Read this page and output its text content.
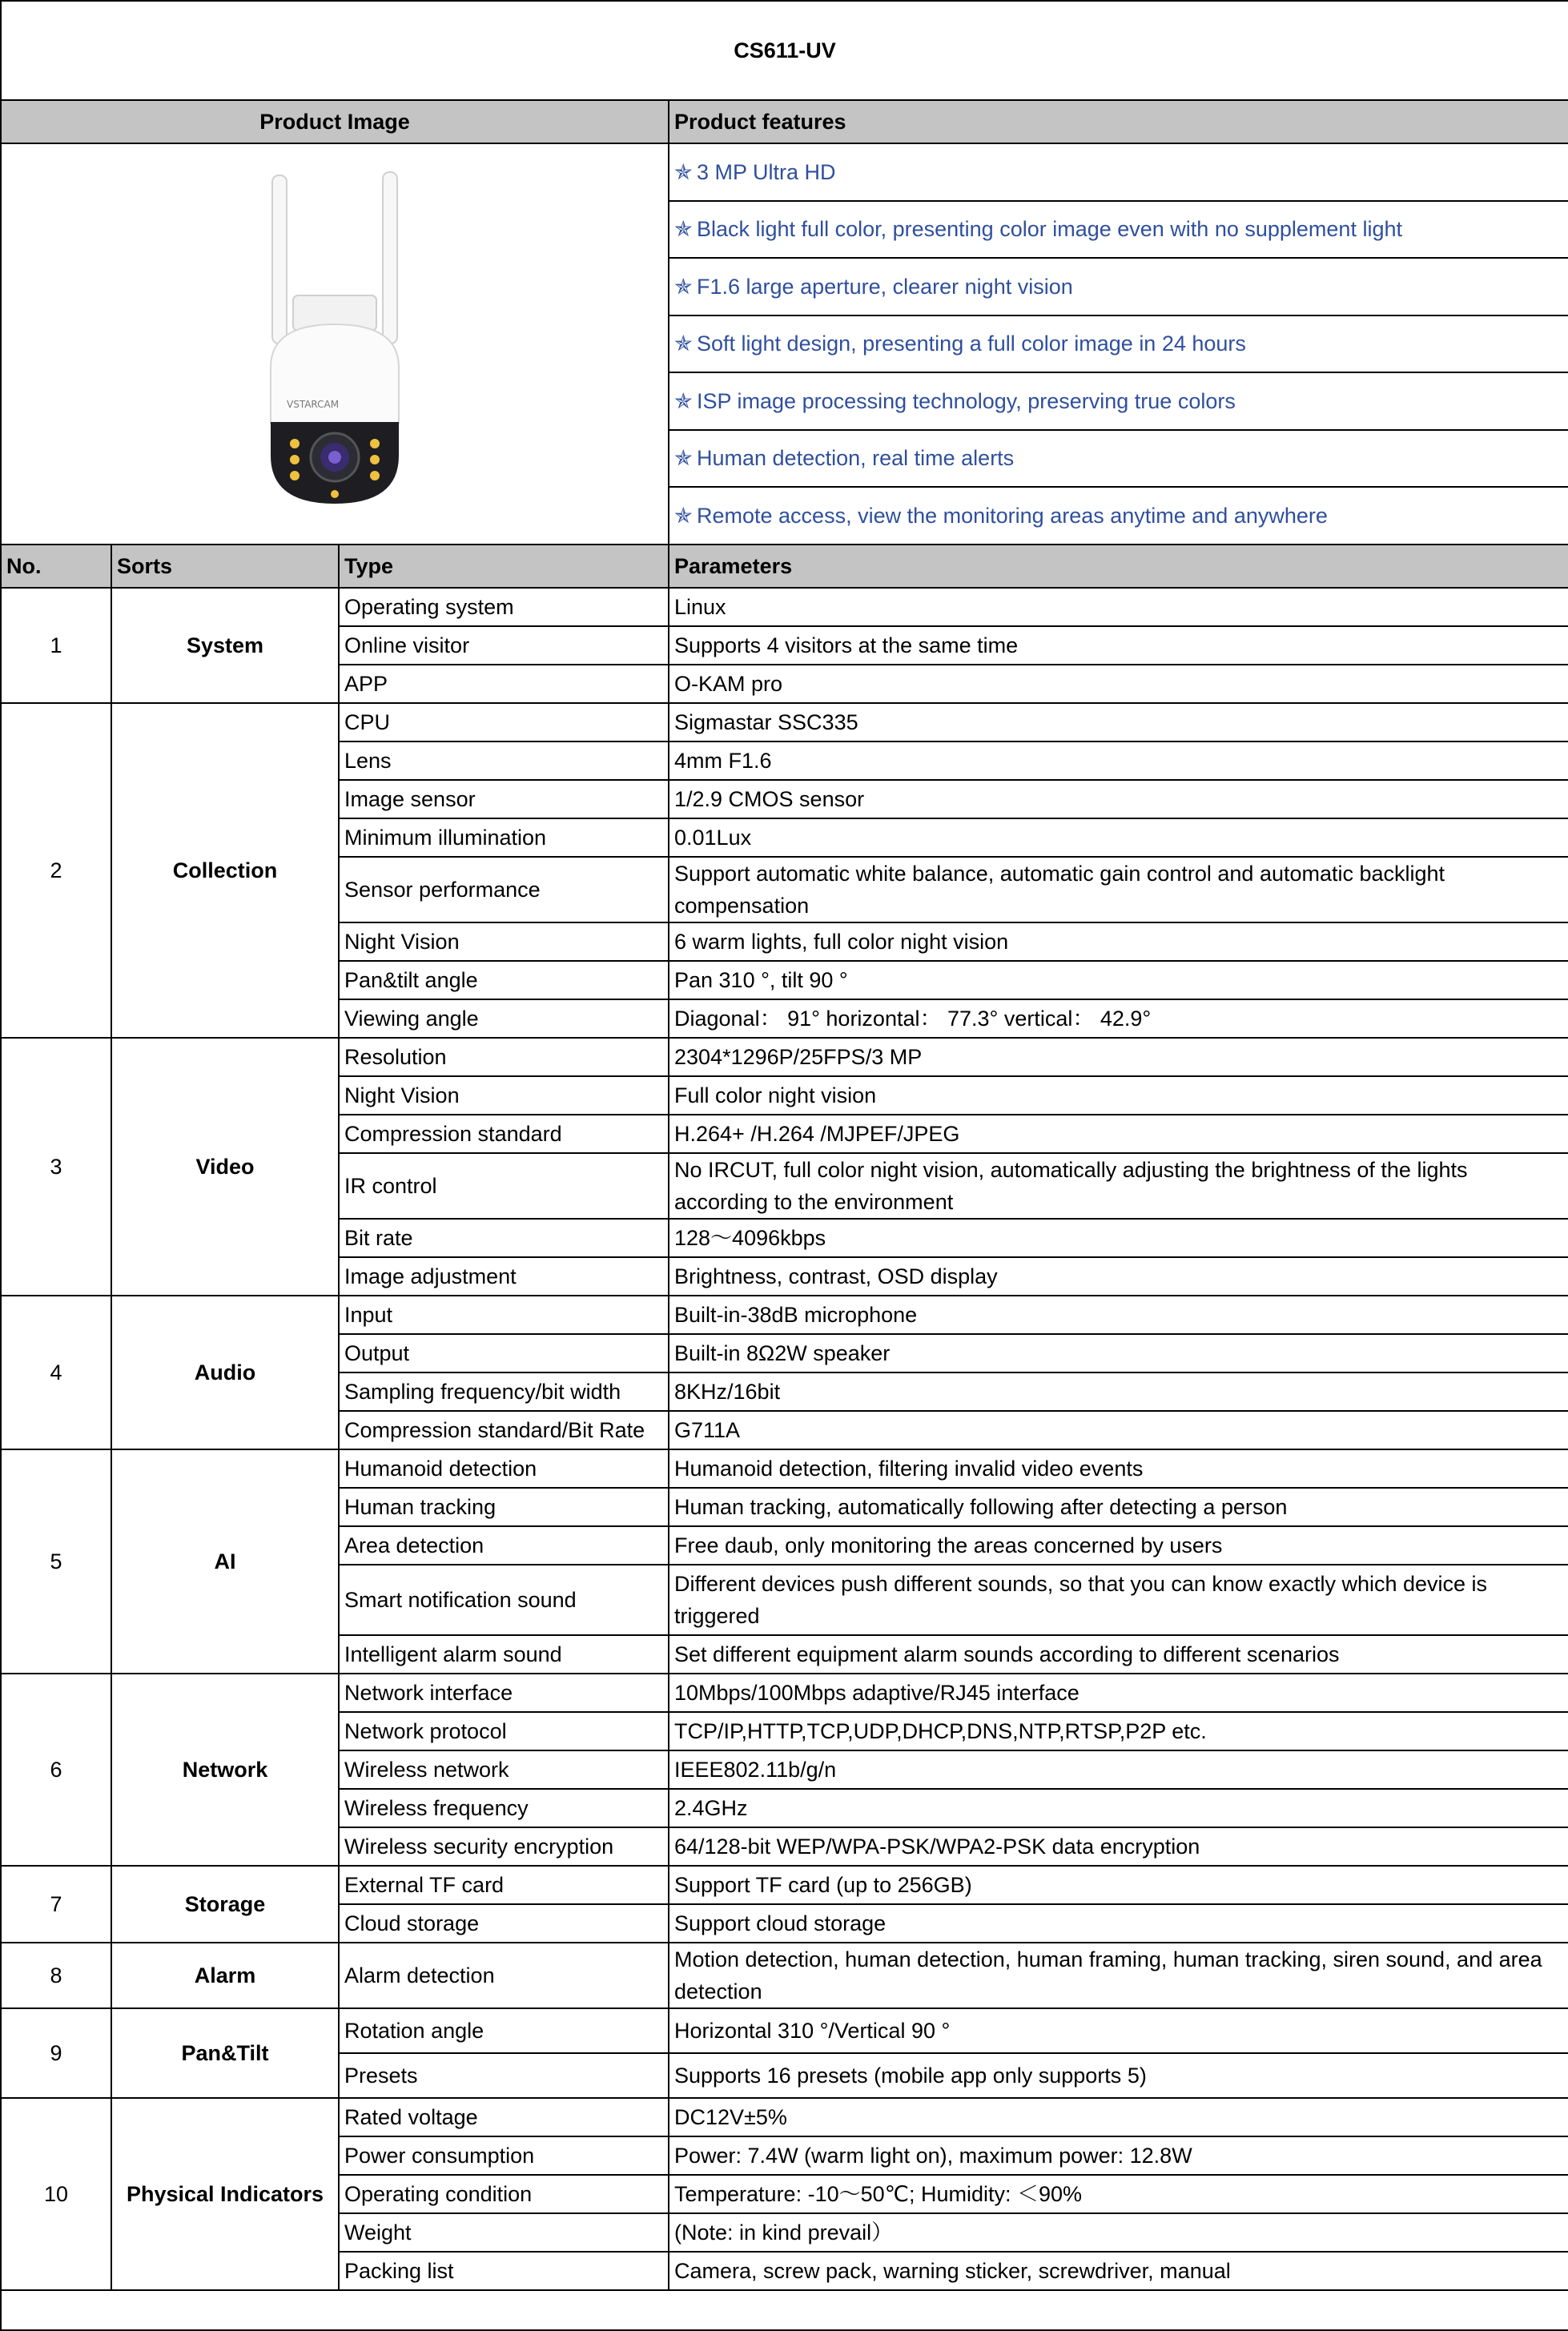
CS611-UV			
Product Image			Product features

VSTARCAM			✯ 3 MP Ultra HD
			✯ Black light full color, presenting color image even with no supplement light
			✯ F1.6 large aperture, clearer night vision
			✯ Soft light design, presenting a full color image in 24 hours
			✯ ISP image processing technology, preserving true colors
			✯ Human detection, real time alerts
			✯ Remote access, view the monitoring areas anytime and anywhere
No.	Sorts	Type	Parameters
1	System	Operating system	Linux
		Online visitor	Supports 4 visitors at the same time
		APP	O-KAM pro
2	Collection	CPU	Sigmastar SSC335
		Lens	4mm F1.6
		Image sensor	1/2.9 CMOS sensor
		Minimum illumination	0.01Lux
		Sensor performance	Support automatic white balance, automatic gain control and automatic backlight compensation
		Night Vision	6 warm lights, full color night vision
		Pan&tilt angle	Pan 310 °, tilt 90 °
		Viewing angle	Diagonal： 91° horizontal： 77.3° vertical： 42.9°
3	Video	Resolution	2304*1296P/25FPS/3 MP
		Night Vision	Full color night vision
		Compression standard	H.264+ /H.264 /MJPEF/JPEG
		IR control	No IRCUT, full color night vision, automatically adjusting the brightness of the lights according to the environment
		Bit rate	128～4096kbps
		Image adjustment	Brightness, contrast, OSD display
4	Audio	Input	Built-in-38dB microphone
		Output	Built-in 8Ω2W speaker
		Sampling frequency/bit width	8KHz/16bit
		Compression standard/Bit Rate	G711A
5	AI	Humanoid detection	Humanoid detection, filtering invalid video events
		Human tracking	Human tracking, automatically following after detecting a person
		Area detection	Free daub, only monitoring the areas concerned by users
		Smart notification sound	Different devices push different sounds, so that you can know exactly which device is triggered
		Intelligent alarm sound	Set different equipment alarm sounds according to different scenarios
6	Network	Network interface	10Mbps/100Mbps adaptive/RJ45 interface
		Network protocol	TCP/IP,HTTP,TCP,UDP,DHCP,DNS,NTP,RTSP,P2P etc.
		Wireless network	IEEE802.11b/g/n
		Wireless frequency	2.4GHz
		Wireless security encryption	64/128-bit WEP/WPA-PSK/WPA2-PSK data encryption
7	Storage	External TF card	Support TF card (up to 256GB)
		Cloud storage	Support cloud storage
8	Alarm	Alarm detection	Motion detection, human detection, human framing, human tracking, siren sound, and area detection
9	Pan&Tilt	Rotation angle	Horizontal 310 °/Vertical 90 °
		Presets	Supports 16 presets (mobile app only supports 5)
10	Physical Indicators	Rated voltage	DC12V±5%
		Power consumption	Power: 7.4W (warm light on), maximum power: 12.8W
		Operating condition	Temperature: -10～50℃; Humidity: ＜90%
		Weight	(Note: in kind prevail）
		Packing list	Camera, screw pack, warning sticker, screwdriver, manual
